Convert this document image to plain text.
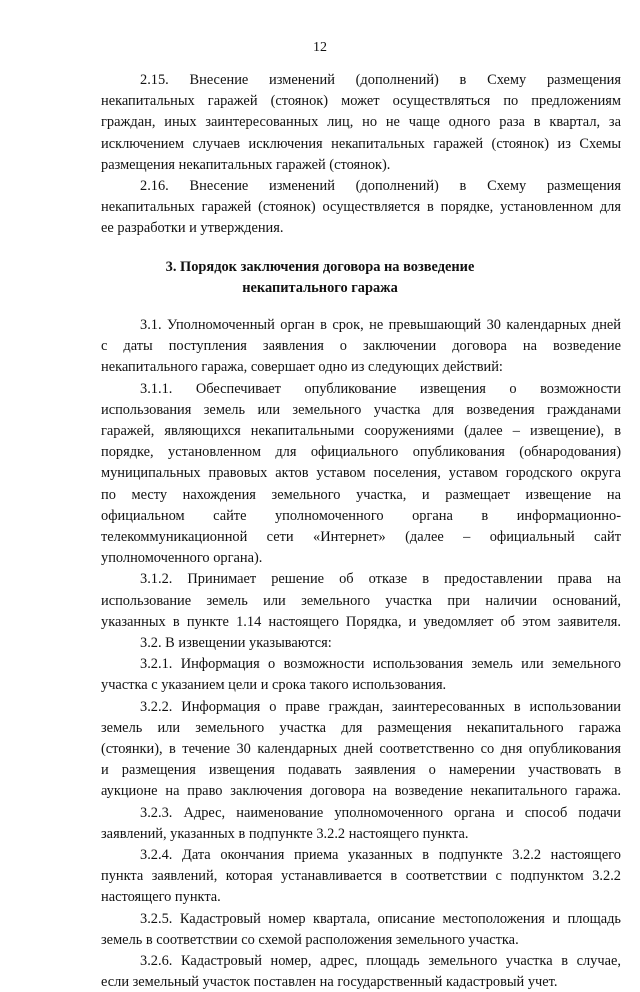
12
2.15. Внесение изменений (дополнений) в Схему размещения
некапитальных гаражей (стоянок) может осуществляться по предложениям
граждан, иных заинтересованных лиц, но не чаще одного раза в квартал, за
исключением случаев исключения некапитальных гаражей (стоянок) из Схемы
размещения некапитальных гаражей (стоянок).
2.16. Внесение изменений (дополнений) в Схему размещения
некапитальных гаражей (стоянок) осуществляется в порядке, установленном для
ее разработки и утверждения.
3. Порядок заключения договора на возведение
некапитального гаража
3.1. Уполномоченный орган в срок, не превышающий 30 календарных дней
с даты поступления заявления о заключении договора на возведение
некапитального гаража, совершает одно из следующих действий:
3.1.1. Обеспечивает опубликование извещения о возможности
использования земель или земельного участка для возведения гражданами
гаражей, являющихся некапитальными сооружениями (далее – извещение), в
порядке, установленном для официального опубликования (обнародования)
муниципальных правовых актов уставом поселения, уставом городского округа
по месту нахождения земельного участка, и размещает извещение на
официальном сайте уполномоченного органа в информационно-
телекоммуникационной сети «Интернет» (далее – официальный сайт
уполномоченного органа).
3.1.2. Принимает решение об отказе в предоставлении права на
использование земель или земельного участка при наличии оснований,
указанных в пункте 1.14 настоящего Порядка, и уведомляет об этом заявителя.
3.2. В извещении указываются:
3.2.1. Информация о возможности использования земель или земельного
участка с указанием цели и срока такого использования.
3.2.2. Информация о праве граждан, заинтересованных в использовании
земель или земельного участка для размещения некапитального гаража
(стоянки), в течение 30 календарных дней соответственно со дня опубликования
и размещения извещения подавать заявления о намерении участвовать в
аукционе на право заключения договора на возведение некапитального гаража.
3.2.3. Адрес, наименование уполномоченного органа и способ подачи
заявлений, указанных в подпункте 3.2.2 настоящего пункта.
3.2.4. Дата окончания приема указанных в подпункте 3.2.2 настоящего
пункта заявлений, которая устанавливается в соответствии с подпунктом 3.2.2
настоящего пункта.
3.2.5. Кадастровый номер квартала, описание местоположения и площадь
земель в соответствии со схемой расположения земельного участка.
3.2.6. Кадастровый номер, адрес, площадь земельного участка в случае,
если земельный участок поставлен на государственный кадастровый учет.
